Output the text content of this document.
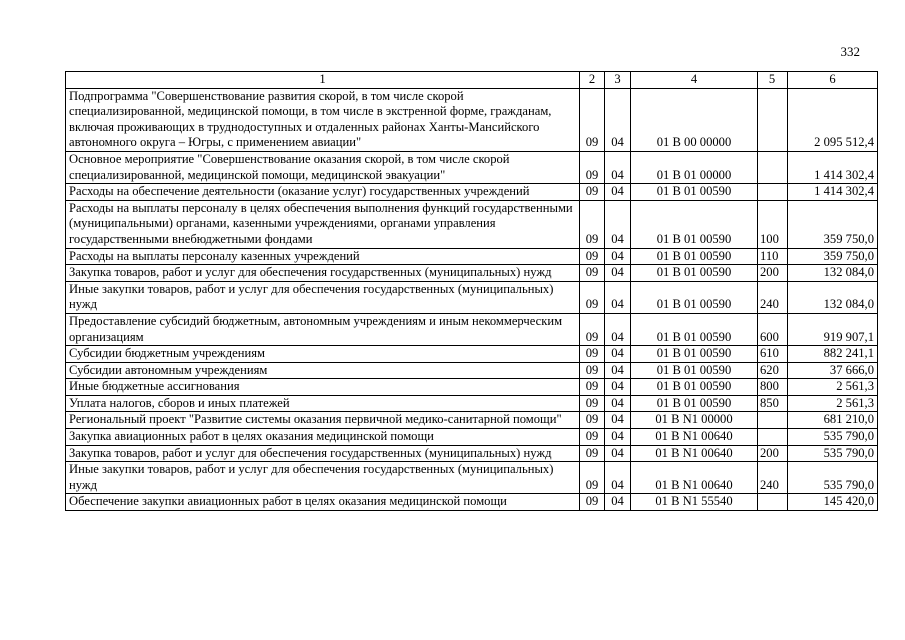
332
1	2	3	4	5	6
Подпрограмма "Совершенствование развития скорой, в том числе скорой специализированной, медицинской помощи, в том числе в экстренной форме, гражданам, включая проживающих в труднодоступных и отдаленных районах Ханты-Мансийского автономного округа – Югры, с применением авиации"	09	04	01 В 00 00000		2 095 512,4
Основное мероприятие "Совершенствование оказания скорой, в том числе скорой специализированной, медицинской помощи, медицинской эвакуации"	09	04	01 В 01 00000		1 414 302,4
Расходы на обеспечение деятельности (оказание услуг) государственных учреждений	09	04	01 В 01 00590		1 414 302,4
Расходы на выплаты персоналу в целях обеспечения выполнения функций государственными (муниципальными) органами, казенными учреждениями, органами управления государственными внебюджетными фондами	09	04	01 В 01 00590	100	359 750,0
Расходы на выплаты персоналу казенных учреждений	09	04	01 В 01 00590	110	359 750,0
Закупка товаров, работ и услуг для обеспечения государственных (муниципальных) нужд	09	04	01 В 01 00590	200	132 084,0
Иные закупки товаров, работ и услуг для обеспечения государственных (муниципальных) нужд	09	04	01 В 01 00590	240	132 084,0
Предоставление субсидий бюджетным, автономным учреждениям и иным некоммерческим организациям	09	04	01 В 01 00590	600	919 907,1
Субсидии бюджетным учреждениям	09	04	01 В 01 00590	610	882 241,1
Субсидии автономным учреждениям	09	04	01 В 01 00590	620	37 666,0
Иные бюджетные ассигнования	09	04	01 В 01 00590	800	2 561,3
Уплата налогов, сборов и иных платежей	09	04	01 В 01 00590	850	2 561,3
Региональный проект "Развитие системы оказания первичной медико-санитарной помощи"	09	04	01 В N1 00000		681 210,0
Закупка авиационных работ в целях оказания медицинской помощи	09	04	01 В N1 00640		535 790,0
Закупка товаров, работ и услуг для обеспечения государственных (муниципальных) нужд	09	04	01 В N1 00640	200	535 790,0
Иные закупки товаров, работ и услуг для обеспечения государственных (муниципальных) нужд	09	04	01 В N1 00640	240	535 790,0
Обеспечение закупки авиационных работ в целях оказания медицинской помощи	09	04	01 В N1 55540		145 420,0
